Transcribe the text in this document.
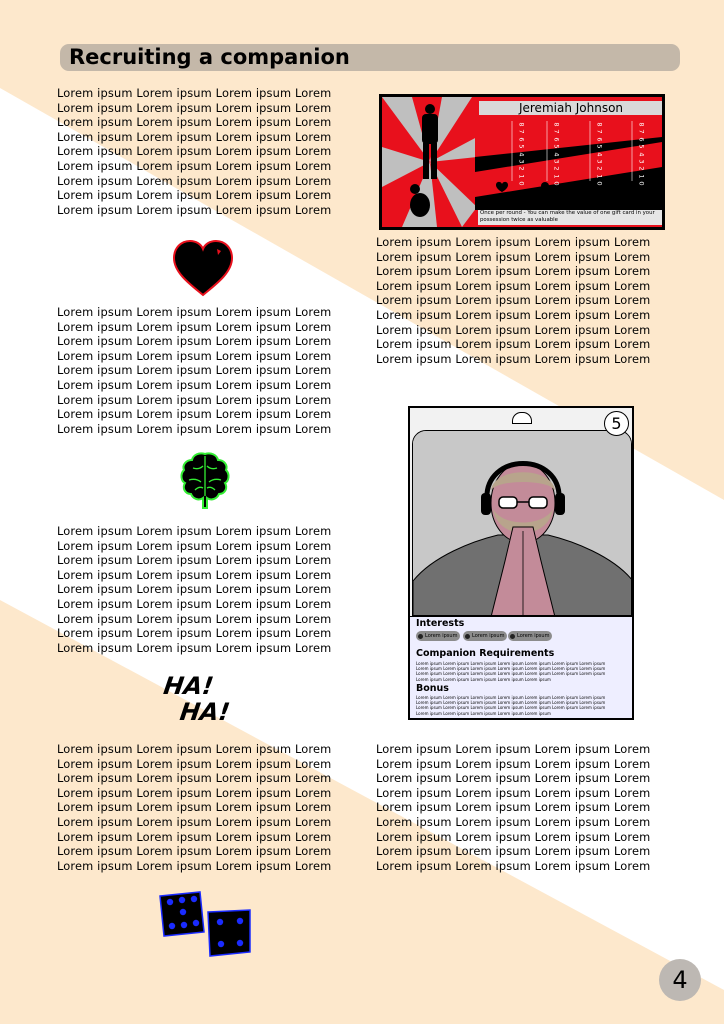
Recruiting a companion
Lorem ipsum Lorem ipsum Lorem ipsum Lorem
Lorem ipsum Lorem ipsum Lorem ipsum Lorem
Lorem ipsum Lorem ipsum Lorem ipsum Lorem
Lorem ipsum Lorem ipsum Lorem ipsum Lorem
Lorem ipsum Lorem ipsum Lorem ipsum Lorem
Lorem ipsum Lorem ipsum Lorem ipsum Lorem
Lorem ipsum Lorem ipsum Lorem ipsum Lorem
Lorem ipsum Lorem ipsum Lorem ipsum Lorem
Lorem ipsum Lorem ipsum Lorem ipsum Lorem
Lorem ipsum Lorem ipsum Lorem ipsum Lorem
Lorem ipsum Lorem ipsum Lorem ipsum Lorem
Lorem ipsum Lorem ipsum Lorem ipsum Lorem
Lorem ipsum Lorem ipsum Lorem ipsum Lorem
Lorem ipsum Lorem ipsum Lorem ipsum Lorem
Lorem ipsum Lorem ipsum Lorem ipsum Lorem
Lorem ipsum Lorem ipsum Lorem ipsum Lorem
Lorem ipsum Lorem ipsum Lorem ipsum Lorem
Lorem ipsum Lorem ipsum Lorem ipsum Lorem
Lorem ipsum Lorem ipsum Lorem ipsum Lorem
Lorem ipsum Lorem ipsum Lorem ipsum Lorem
Lorem ipsum Lorem ipsum Lorem ipsum Lorem
Lorem ipsum Lorem ipsum Lorem ipsum Lorem
Lorem ipsum Lorem ipsum Lorem ipsum Lorem
Lorem ipsum Lorem ipsum Lorem ipsum Lorem
Lorem ipsum Lorem ipsum Lorem ipsum Lorem
Lorem ipsum Lorem ipsum Lorem ipsum Lorem
Lorem ipsum Lorem ipsum Lorem ipsum Lorem
Lorem ipsum Lorem ipsum Lorem ipsum Lorem
Lorem ipsum Lorem ipsum Lorem ipsum Lorem
Lorem ipsum Lorem ipsum Lorem ipsum Lorem
Lorem ipsum Lorem ipsum Lorem ipsum Lorem
Lorem ipsum Lorem ipsum Lorem ipsum Lorem
Lorem ipsum Lorem ipsum Lorem ipsum Lorem
Lorem ipsum Lorem ipsum Lorem ipsum Lorem
Lorem ipsum Lorem ipsum Lorem ipsum Lorem
Lorem ipsum Lorem ipsum Lorem ipsum Lorem
Lorem ipsum Lorem ipsum Lorem ipsum Lorem
Lorem ipsum Lorem ipsum Lorem ipsum Lorem
Lorem ipsum Lorem ipsum Lorem ipsum Lorem
Lorem ipsum Lorem ipsum Lorem ipsum Lorem
Lorem ipsum Lorem ipsum Lorem ipsum Lorem
Lorem ipsum Lorem ipsum Lorem ipsum Lorem
Lorem ipsum Lorem ipsum Lorem ipsum Lorem
Lorem ipsum Lorem ipsum Lorem ipsum Lorem
Lorem ipsum Lorem ipsum Lorem ipsum Lorem
Lorem ipsum Lorem ipsum Lorem ipsum Lorem
Lorem ipsum Lorem ipsum Lorem ipsum Lorem
Lorem ipsum Lorem ipsum Lorem ipsum Lorem
Lorem ipsum Lorem ipsum Lorem ipsum Lorem
Lorem ipsum Lorem ipsum Lorem ipsum Lorem
Lorem ipsum Lorem ipsum Lorem ipsum Lorem
Lorem ipsum Lorem ipsum Lorem ipsum Lorem
Lorem ipsum Lorem ipsum Lorem ipsum Lorem
Lorem ipsum Lorem ipsum Lorem ipsum Lorem
HA!
HA!
Jeremiah Johnson
8
7
6
5
4
3
2
1
0
8
7
6
5
4
3
2
1
0
8
7
6
5
4
3
2
1
0
8
7
6
5
4
3
2
1
0
Once per round - You can make the value of one gift card in your possession twice as valuable
5
Interests
Lorem ipsum	Lorem ipsum	Lorem ipsum
Companion Requirements
Lorem ipsum Lorem ipsum Lorem ipsum Lorem ipsum Lorem ipsum Lorem ipsum Lorem ipsum Lorem ipsum Lorem ipsum Lorem ipsum Lorem ipsum Lorem ipsum Lorem ipsum Lorem ipsum Lorem ipsum Lorem ipsum Lorem ipsum Lorem ipsum Lorem ipsum Lorem ipsum Lorem ipsum Lorem ipsum Lorem ipsum Lorem ipsum Lorem ipsum Lorem ipsum
Bonus
Lorem ipsum Lorem ipsum Lorem ipsum Lorem ipsum Lorem ipsum Lorem ipsum Lorem ipsum Lorem ipsum Lorem ipsum Lorem ipsum Lorem ipsum Lorem ipsum Lorem ipsum Lorem ipsum Lorem ipsum Lorem ipsum Lorem ipsum Lorem ipsum Lorem ipsum Lorem ipsum Lorem ipsum Lorem ipsum Lorem ipsum Lorem ipsum Lorem ipsum Lorem ipsum
4
